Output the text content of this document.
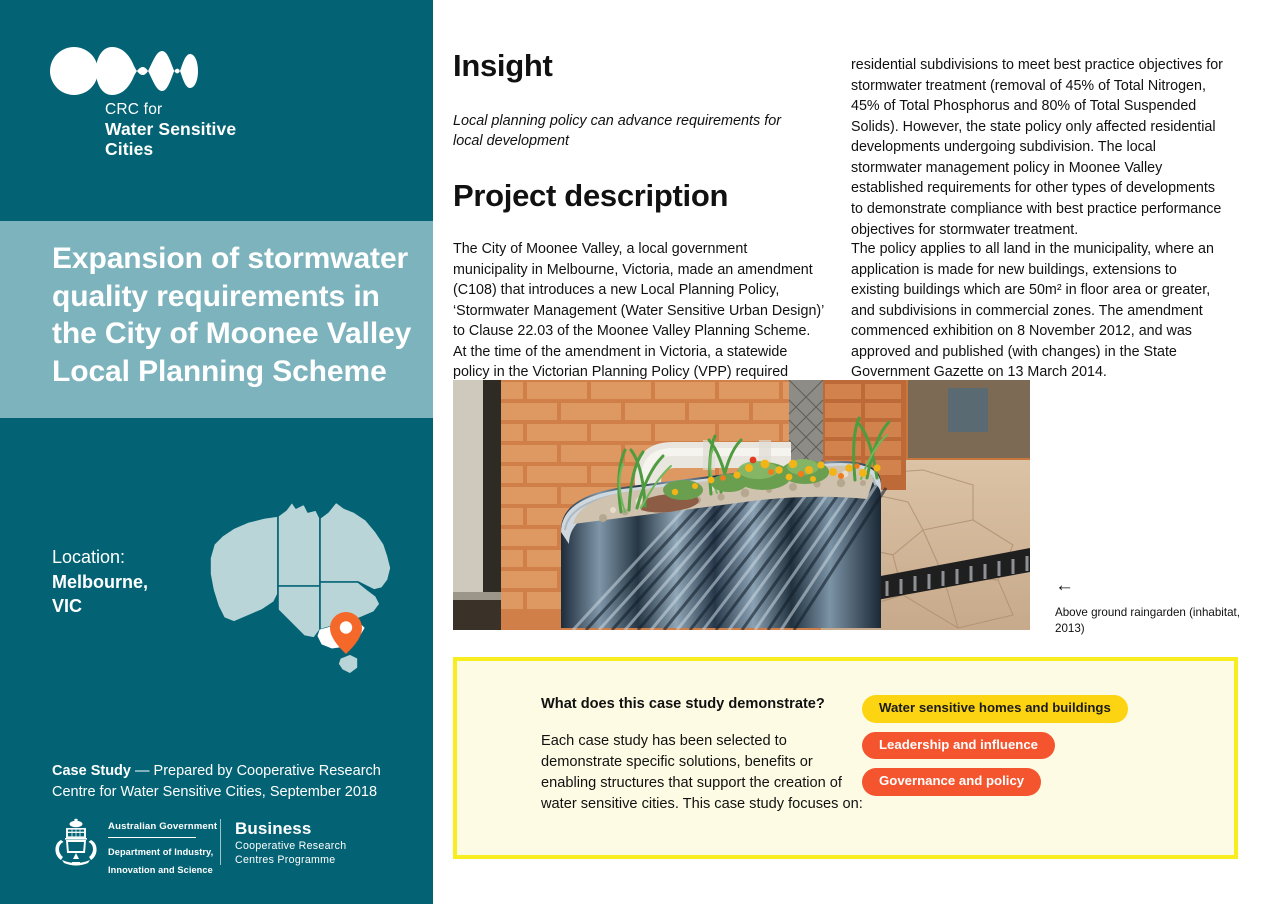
CRC for
Water Sensitive Cities
Expansion of stormwater quality requirements in the City of Moonee Valley Local Planning Scheme
Location:
Melbourne,
VIC
Case Study — Prepared by Cooperative Research Centre for Water Sensitive Cities, September 2018
Australian Government
Department of Industry,
Innovation and Science
Business
Cooperative Research
Centres Programme
Insight
Local planning policy can advance requirements for local development
Project description
The City of Moonee Valley, a local government municipality in Melbourne, Victoria, made an amendment (C108) that introduces a new Local Planning Policy, ‘Stormwater Management (Water Sensitive Urban Design)’ to Clause 22.03 of the Moonee Valley Planning Scheme. At the time of the amendment in Victoria, a statewide policy in the Victorian Planning Policy (VPP) required
residential subdivisions to meet best practice objectives for stormwater treatment (removal of 45% of Total Nitrogen, 45% of Total Phosphorus and 80% of Total Suspended Solids). However, the state policy only affected residential developments undergoing subdivision. The local stormwater management policy in Moonee Valley established requirements for other types of developments to demonstrate compliance with best practice performance objectives for stormwater treatment.
The policy applies to all land in the municipality, where an application is made for new buildings, extensions to existing buildings which are 50m² in floor area or greater, and subdivisions in commercial zones. The amendment commenced exhibition on 8 November 2012, and was approved and published (with changes) in the State Government Gazette on 13 March 2014.
←
Above ground raingarden (inhabitat, 2013)
What does this case study demonstrate?
Each case study has been selected to demonstrate specific solutions, benefits or enabling structures that support the creation of water sensitive cities. This case study focuses on:
Water sensitive homes and buildings
Leadership and influence
Governance and policy
